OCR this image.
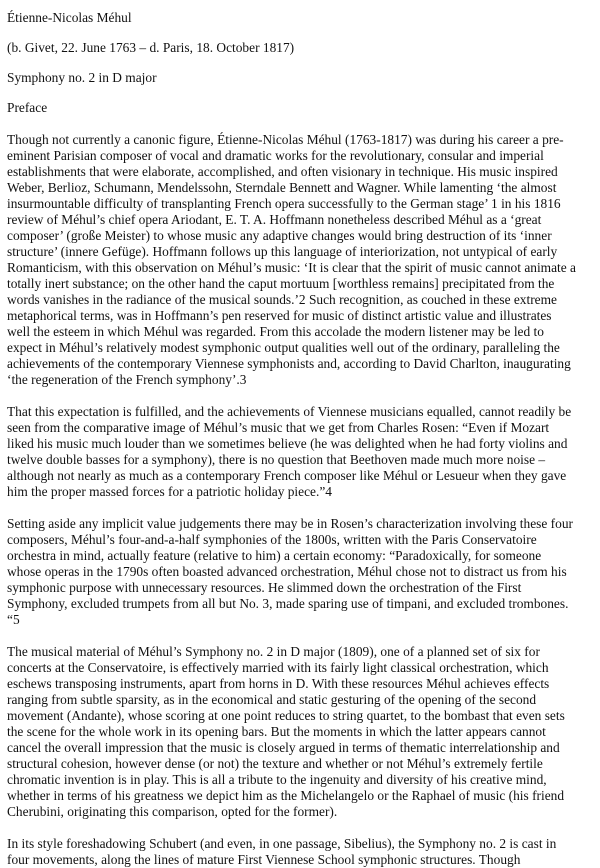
Étienne-Nicolas Méhul

(b. Givet, 22. June 1763 – d. Paris, 18. October 1817)

Symphony no. 2 in D major

Preface

Though not currently a canonic figure, Étienne-Nicolas Méhul (1763-1817) was during his career a pre-

eminent Parisian composer of vocal and dramatic works for the revolutionary, consular and imperial

establishments that were elaborate, accomplished, and often visionary in technique. His music inspired

Weber, Berlioz, Schumann, Mendelssohn, Sterndale Bennett and Wagner. While lamenting ‘the almost

insurmountable difficulty of transplanting French opera successfully to the German stage’ 1 in his 1816

review of Méhul’s chief opera Ariodant, E. T. A. Hoffmann nonetheless described Méhul as a ‘great

composer’ (große Meister) to whose music any adaptive changes would bring destruction of its ‘inner

structure’ (innere Gefüge). Hoffmann follows up this language of interiorization, not untypical of early

Romanticism, with this observation on Méhul’s music: ‘It is clear that the spirit of music cannot animate a

totally inert substance; on the other hand the caput mortuum [worthless remains] precipitated from the

words vanishes in the radiance of the musical sounds.’2 Such recognition, as couched in these extreme

metaphorical terms, was in Hoffmann’s pen reserved for music of distinct artistic value and illustrates

well the esteem in which Méhul was regarded. From this accolade the modern listener may be led to

expect in Méhul’s relatively modest symphonic output qualities well out of the ordinary, paralleling the

achievements of the contemporary Viennese symphonists and, according to David Charlton, inaugurating

‘the regeneration of the French symphony’.3

That this expectation is fulfilled, and the achievements of Viennese musicians equalled, cannot readily be

seen from the comparative image of Méhul’s music that we get from Charles Rosen: “Even if Mozart

liked his music much louder than we sometimes believe (he was delighted when he had forty violins and

twelve double basses for a symphony), there is no question that Beethoven made much more noise –

although not nearly as much as a contemporary French composer like Méhul or Lesueur when they gave

him the proper massed forces for a patriotic holiday piece.”4

Setting aside any implicit value judgements there may be in Rosen’s characterization involving these four

composers, Méhul’s four-and-a-half symphonies of the 1800s, written with the Paris Conservatoire

orchestra in mind, actually feature (relative to him) a certain economy: “Paradoxically, for someone

whose operas in the 1790s often boasted advanced orchestration, Méhul chose not to distract us from his

symphonic purpose with unnecessary resources. He slimmed down the orchestration of the First

Symphony, excluded trumpets from all but No. 3, made sparing use of timpani, and excluded trombones.

“5

The musical material of Méhul’s Symphony no. 2 in D major (1809), one of a planned set of six for

concerts at the Conservatoire, is effectively married with its fairly light classical orchestration, which

eschews transposing instruments, apart from horns in D. With these resources Méhul achieves effects

ranging from subtle sparsity, as in the economical and static gesturing of the opening of the second

movement (Andante), whose scoring at one point reduces to string quartet, to the bombast that even sets

the scene for the whole work in its opening bars. But the moments in which the latter appears cannot

cancel the overall impression that the music is closely argued in terms of thematic interrelationship and

structural cohesion, however dense (or not) the texture and whether or not Méhul’s extremely fertile

chromatic invention is in play. This is all a tribute to the ingenuity and diversity of his creative mind,

whether in terms of his greatness we depict him as the Michelangelo or the Raphael of music (his friend

Cherubini, originating this comparison, opted for the former).

In its style foreshadowing Schubert (and even, in one passage, Sibelius), the Symphony no. 2 is cast in

four movements, along the lines of mature First Viennese School symphonic structures. Though
